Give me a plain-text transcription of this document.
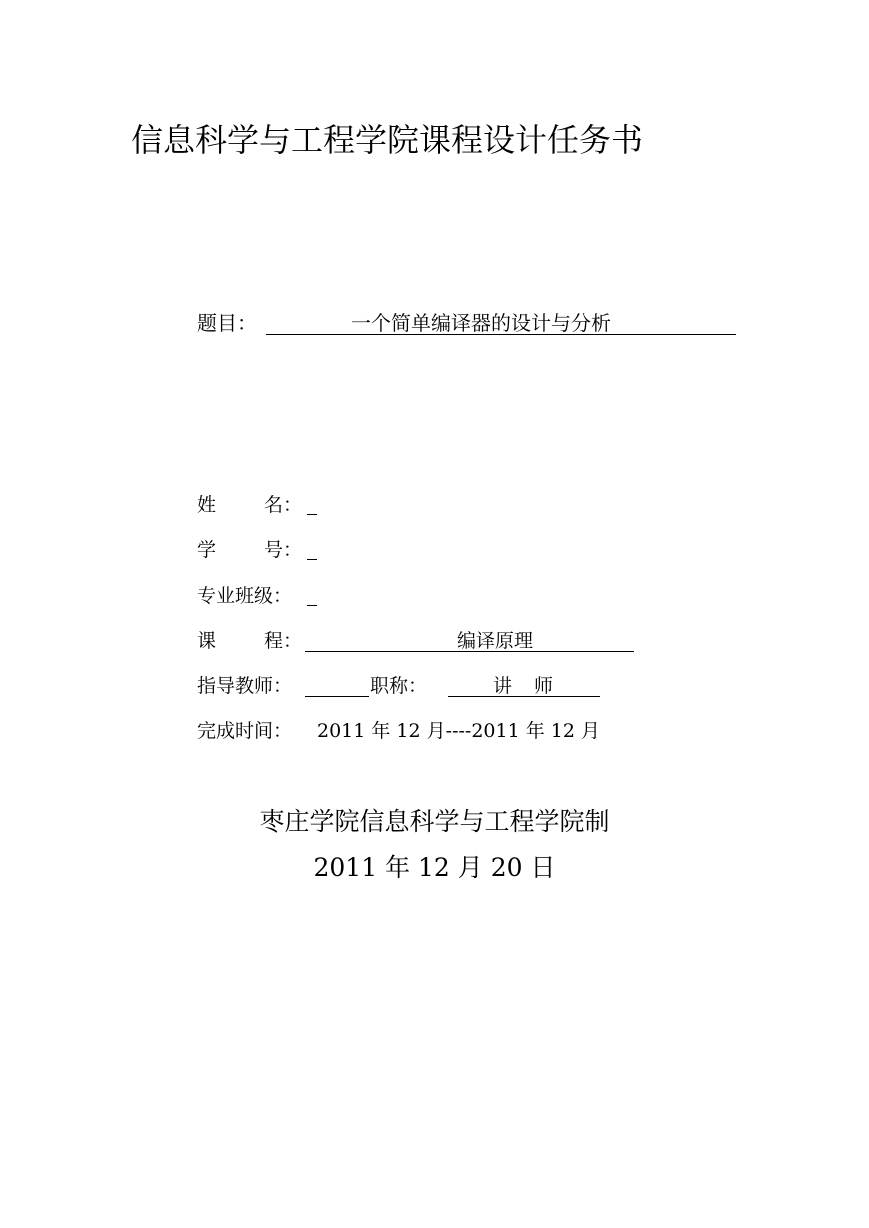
信息科学与工程学院课程设计任务书
题目：	一个简单编译器的设计与分析
姓 名：
学 号：
专业班级：
课 程：	编译原理
指导教师：	职称：	讲 师
完成时间： 2011 年 12 月----2011 年 12 月
枣庄学院信息科学与工程学院制
2011 年 12 月 20 日
